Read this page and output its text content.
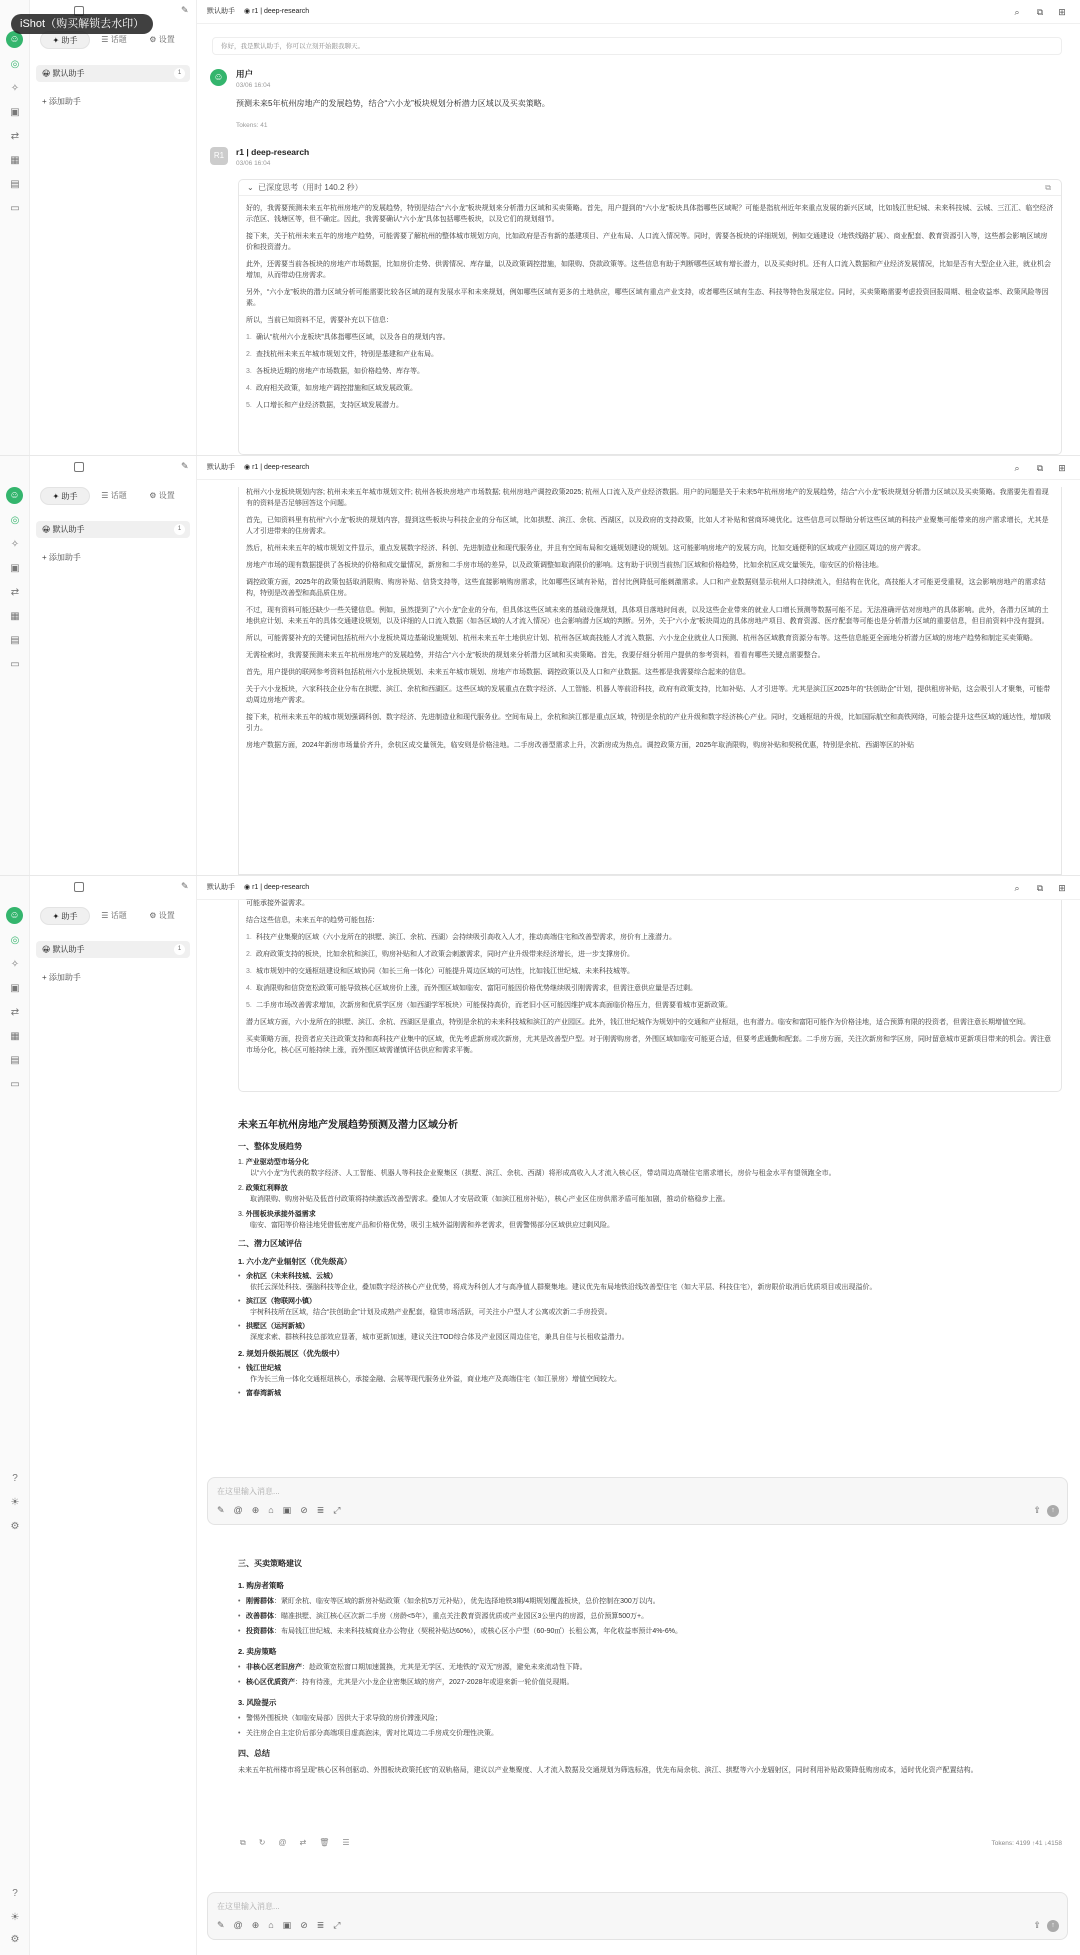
iShot（购买解锁去水印）
☺
◎
✧
▣
⇄
▦
▤
▭
✎
✦ 助手	☰ 话题	⚙ 设置
😀 默认助手	1
+ 添加助手
默认助手 ◉ r1 | deep-research	⌕	⧉	⊞
你好，我是默认助手，你可以立刻开始跟我聊天。
☺	用户
03/06 16:04
预测未来5年杭州房地产的发展趋势，结合“六小龙”板块规划分析潜力区域以及买卖策略。
Tokens: 41
R1	r1 | deep-research
03/06 16:04
⌄  已深度思考（用时 140.2 秒）	⧉

好的，我需要预测未来五年杭州房地产的发展趋势，特别是结合“六小龙”板块规划来分析潜力区域和买卖策略。首先，用户提到的“六小龙”板块具体指哪些区域呢？可能是指杭州近年来重点发展的新兴区域，比如钱江世纪城、未来科技城、云城、三江汇、临空经济示范区、钱塘区等，但不确定。因此，我需要确认“六小龙”具体包括哪些板块，以及它们的规划细节。

接下来，关于杭州未来五年的房地产趋势，可能需要了解杭州的整体城市规划方向，比如政府是否有新的基建项目、产业布局、人口流入情况等。同时，需要各板块的详细规划，例如交通建设（地铁线路扩展）、商业配套、教育资源引入等，这些都会影响区域房价和投资潜力。

此外，还需要当前各板块的房地产市场数据，比如房价走势、供需情况、库存量，以及政策调控措施，如限购、贷款政策等。这些信息有助于判断哪些区域有增长潜力，以及买卖时机。还有人口流入数据和产业经济发展情况，比如是否有大型企业入驻，就业机会增加，从而带动住房需求。

另外，“六小龙”板块的潜力区域分析可能需要比较各区域的现有发展水平和未来规划，例如哪些区域有更多的土地供应，哪些区域有重点产业支持，或者哪些区域有生态、科技等特色发展定位。同时，买卖策略需要考虑投资回报周期、租金收益率、政策风险等因素。

所以，当前已知资料不足，需要补充以下信息：

1. 确认“杭州六小龙板块”具体指哪些区域，以及各自的规划内容。
2. 查找杭州未来五年城市规划文件，特别是基建和产业布局。
3. 各板块近期的房地产市场数据，如价格趋势、库存等。
4. 政府相关政策，如房地产调控措施和区域发展政策。
5. 人口增长和产业经济数据，支持区域发展潜力。
☺
◎
✧
▣
⇄
▦
▤
▭
✎
✦ 助手	☰ 话题	⚙ 设置
😀 默认助手	1
+ 添加助手
默认助手 ◉ r1 | deep-research	⌕	⧉	⊞

杭州六小龙板块规划内容; 杭州未来五年城市规划文件; 杭州各板块房地产市场数据; 杭州房地产调控政策2025; 杭州人口流入及产业经济数据。用户的问题是关于未来5年杭州房地产的发展趋势，结合“六小龙”板块规划分析潜力区域以及买卖策略。我需要先看看现有的资料是否足够回答这个问题。

首先，已知资料里有杭州“六小龙”板块的规划内容，提到这些板块与科技企业的分布区域，比如拱墅、滨江、余杭、西湖区，以及政府的支持政策，比如人才补贴和营商环境优化。这些信息可以帮助分析这些区域的科技产业聚集可能带来的房产需求增长，尤其是人才引进带来的住房需求。

然后，杭州未来五年的城市规划文件显示，重点发展数字经济、科创、先进制造业和现代服务业，并且有空间布局和交通规划建设的规划。这可能影响房地产的发展方向，比如交通便利的区域或产业园区周边的房产需求。

房地产市场的现有数据提供了各板块的价格和成交量情况，新房和二手房市场的差异，以及政策调整如取消限价的影响。这有助于识别当前热门区域和价格趋势，比如余杭区成交量领先，临安区的价格洼地。

调控政策方面，2025年的政策包括取消限购、购房补贴、信贷支持等，这些直接影响购房需求，比如哪些区域有补贴，首付比例降低可能刺激需求。人口和产业数据则显示杭州人口持续流入，但结构在优化，高技能人才可能更受重视，这会影响房地产的需求结构，特别是改善型和高品质住房。

不过，现有资料可能还缺少一些关键信息。例如，虽然提到了“六小龙”企业的分布，但具体这些区域未来的基础设施规划，具体项目落地时间表，以及这些企业带来的就业人口增长预测等数据可能不足。无法准确评估对房地产的具体影响。此外，各潜力区域的土地供应计划、未来五年的具体交通建设规划，以及详细的人口流入数据（如各区域的人才流入情况）也会影响潜力区域的判断。另外，关于“六小龙”板块周边的具体房地产项目、教育资源、医疗配套等可能也是分析潜力区域的重要信息，但目前资料中没有提到。

所以，可能需要补充的关键词包括杭州六小龙板块周边基础设施规划、杭州未来五年土地供应计划、杭州各区域高技能人才流入数据、六小龙企业就业人口预测、杭州各区域教育资源分布等。这些信息能更全面地分析潜力区域的房地产趋势和制定买卖策略。

无需检索时，我需要预测未来五年杭州房地产的发展趋势，并结合“六小龙”板块的规划来分析潜力区域和买卖策略。首先，我要仔细分析用户提供的参考资料，看看有哪些关键点需要整合。

首先，用户提供的联网参考资料包括杭州六小龙板块规划、未来五年城市规划、房地产市场数据、调控政策以及人口和产业数据。这些都是我需要综合起来的信息。

关于六小龙板块，六家科技企业分布在拱墅、滨江、余杭和西湖区。这些区域的发展重点在数字经济、人工智能、机器人等前沿科技，政府有政策支持，比如补贴、人才引进等。尤其是滨江区2025年的“扶创助企”计划，提供租房补贴，这会吸引人才聚集，可能带动周边房地产需求。

接下来，杭州未来五年的城市规划强调科创、数字经济、先进制造业和现代服务业。空间布局上，余杭和滨江都是重点区域，特别是余杭的产业升级和数字经济核心产业。同时，交通枢纽的升级，比如国际航空和高铁网络，可能会提升这些区域的通达性，增加吸引力。

房地产数据方面，2024年新房市场量价齐升，余杭区成交量领先，临安则是价格洼地。二手房改善型需求上升，次新房成为热点。调控政策方面，2025年取消限购，购房补贴和契税优惠，特别是余杭、西湖等区的补贴

☺
◎
✧
▣
⇄
▦
▤
▭
?
☀
⚙
?
☀
⚙
✎
✦ 助手	☰ 话题	⚙ 设置
😀 默认助手	1
+ 添加助手
默认助手 ◉ r1 | deep-research	⌕	⧉	⊞

可能承接外溢需求。

结合这些信息，未来五年的趋势可能包括：

1. 科技产业集聚的区域（六小龙所在的拱墅、滨江、余杭、西湖）会持续吸引高收入人才，推动高端住宅和改善型需求，房价有上涨潜力。
2. 政府政策支持的板块，比如余杭和滨江，购房补贴和人才政策会刺激需求，同时产业升级带来经济增长，进一步支撑房价。
3. 城市规划中的交通枢纽建设和区域协同（如长三角一体化）可能提升周边区域的可达性，比如钱江世纪城、未来科技城等。
4. 取消限购和信贷宽松政策可能导致核心区域房价上涨，而外围区域如临安、富阳可能因价格优势继续吸引刚需需求，但需注意供应量是否过剩。
5. 二手房市场改善需求增加，次新房和优质学区房（如西湖学军板块）可能保持高价，而老旧小区可能因维护成本高面临价格压力，但需要看城市更新政策。

潜力区域方面，六小龙所在的拱墅、滨江、余杭、西湖区是重点，特别是余杭的未来科技城和滨江的产业园区。此外，钱江世纪城作为规划中的交通和产业枢纽，也有潜力。临安和富阳可能作为价格洼地，适合预算有限的投资者，但需注意长期增值空间。

买卖策略方面，投资者应关注政策支持和高科技产业集中的区域，优先考虑新房或次新房，尤其是改善型户型。对于刚需购房者，外围区域如临安可能更合适，但要考虑通勤和配套。二手房方面，关注次新房和学区房，同时留意城市更新项目带来的机会。需注意市场分化，核心区可能持续上涨，而外围区域需谨慎评估供应和需求平衡。

未来五年杭州房地产发展趋势预测及潜力区域分析
一、整体发展趋势
1. 产业驱动型市场分化
以“六小龙”为代表的数字经济、人工智能、机器人等科技企业聚集区（拱墅、滨江、余杭、西湖）将形成高收入人才流入核心区，带动周边高端住宅需求增长，房价与租金水平有望领跑全市。
2. 政策红利释放
取消限购、购房补贴及低首付政策将持续激活改善型需求。叠加人才安居政策（如滨江租房补贴），核心产业区住房供需矛盾可能加剧，推动价格稳步上涨。
3. 外围板块承接外溢需求
临安、富阳等价格洼地凭借低密度产品和价格优势，吸引主城外溢刚需和养老需求，但需警惕部分区域供应过剩风险。
二、潜力区域评估
1. 六小龙产业辐射区（优先级高）
• 余杭区（未来科技城、云城）
依托云深处科技、强脑科技等企业，叠加数字经济核心产业优势，将成为科创人才与高净值人群聚集地。建议优先布局地铁沿线改善型住宅（如大平层、科技住宅），新房限价取消后优质项目或出现溢价。
• 滨江区（物联网小镇）
宇树科技所在区域，结合“扶创助企”计划及成熟产业配套，稳赁市场活跃，可关注小户型人才公寓或次新二手房投资。
• 拱墅区（运河新城）
深度求索、群核科技总部效应显著，城市更新加速，建议关注TOD综合体及产业园区周边住宅，兼具自住与长租收益潜力。
2. 规划升级拓展区（优先级中）
• 钱江世纪城
作为长三角一体化交通枢纽核心，承接金融、会展等现代服务业外溢，商业地产及高端住宅（如江景房）增值空间较大。
• 富春湾新城
在这里输入消息...
✎ @ ⊕ ⌂ ▣ ⊘ ≣ ⤢	⇪	↑
三、买卖策略建议
1. 购房者策略
• 刚需群体：紧盯余杭、临安等区域的新房补贴政策（如余杭5万元补贴），优先选择地铁3期/4期规划覆盖板块，总价控制在300万以内。
• 改善群体：瞄准拱墅、滨江核心区次新二手房（房龄<5年），重点关注教育资源优质或产业园区3公里内的房源，总价预算500万+。
• 投资群体：布局钱江世纪城、未来科技城商业办公物业（契税补贴达60%），或核心区小户型（60-90㎡）长租公寓，年化收益率预计4%-6%。
2. 卖房策略
• 非核心区老旧房产：趁政策宽松窗口期加速置换，尤其是无学区、无地铁的“双无”房源，避免未来流动性下降。
• 核心区优质资产：持有待涨，尤其是六小龙企业密集区域的房产，2027-2028年或迎来新一轮价值兑现期。
3. 风险提示
• 警惕外围板块（如临安局部）因供大于求导致的房价滞涨风险；
• 关注房企自主定价后部分高端项目虚高泡沫，需对比周边二手房成交价理性决策。
四、总结
未来五年杭州楼市将呈现“核心区科创驱动、外围板块政策托底”的双轨格局，建议以产业集聚度、人才流入数据及交通规划为筛选标准，优先布局余杭、滨江、拱墅等六小龙辐射区，同时利用补贴政策降低购房成本，适时优化资产配置结构。
⧉ ↻ @ ⇄ 🗑 ☰	Tokens: 4199 ↑41 ↓4158
在这里输入消息...
✎ @ ⊕ ⌂ ▣ ⊘ ≣ ⤢	⇪	↑
